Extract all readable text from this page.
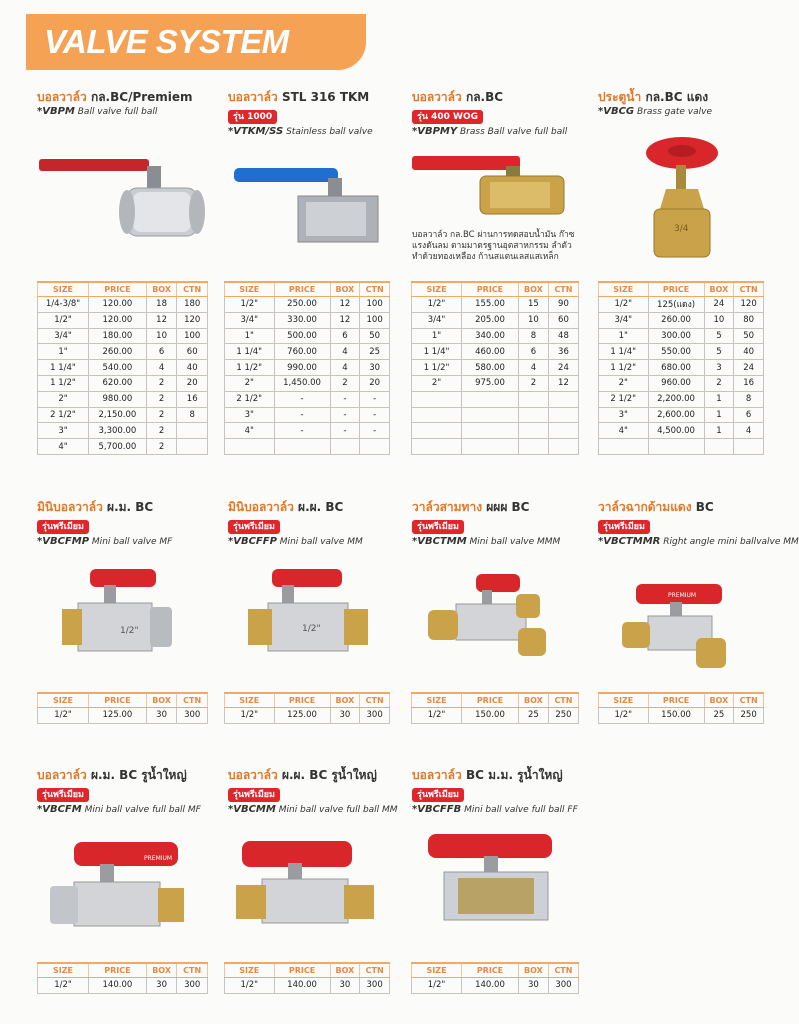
VALVE SYSTEM
บอลวาล์ว กล.BC/Premiem
*VBPM Ball valve full ball
บอลวาล์ว STL 316 TKM
รุ่น 1000
*VTKM/SS Stainless ball valve
บอลวาล์ว กล.BC
รุ่น 400 WOG
*VBPMY Brass Ball valve full ball
บอลวาล์ว กล.BC ผ่านการทดสอบน้ำมัน ก๊าซ แรงดันลม ตามมาตรฐานอุตสาหกรรม ลำตัวทำด้วยทองเหลือง ก้านสแตนเลสแสเหล็ก
ประตูน้ำ กล.BC แดง
*VBCG Brass gate valve
3/4
SIZE	PRICE	BOX	CTN
1/4-3/8"	120.00	18	180
1/2"	120.00	12	120
3/4"	180.00	10	100
1"	260.00	6	60
1 1/4"	540.00	4	40
1 1/2"	620.00	2	20
2"	980.00	2	16
2 1/2"	2,150.00	2	8
3"	3,300.00	2	
4"	5,700.00	2	
SIZE	PRICE	BOX	CTN
1/2"	250.00	12	100
3/4"	330.00	12	100
1"	500.00	6	50
1 1/4"	760.00	4	25
1 1/2"	990.00	4	30
2"	1,450.00	2	20
2 1/2"	-	-	-
3"	-	-	-
4"	-	-	-

SIZE	PRICE	BOX	CTN
1/2"	155.00	15	90
3/4"	205.00	10	60
1"	340.00	8	48
1 1/4"	460.00	6	36
1 1/2"	580.00	4	24
2"	975.00	2	12

SIZE	PRICE	BOX	CTN
1/2"	125(แดง)	24	120
3/4"	260.00	10	80
1"	300.00	5	50
1 1/4"	550.00	5	40
1 1/2"	680.00	3	24
2"	960.00	2	16
2 1/2"	2,200.00	1	8
3"	2,600.00	1	6
4"	4,500.00	1	4

มินิบอลวาล์ว ผ.ม. BC
รุ่นพรีเมียม
*VBCFMP Mini ball valve MF
1/2"
มินิบอลวาล์ว ผ.ผ. BC
รุ่นพรีเมียม
*VBCFFP Mini ball valve MM
1/2"
วาล์วสามทาง ผผผ BC
รุ่นพรีเมียม
*VBCTMM Mini ball valve MMM
วาล์วฉากด้ามแดง BC
รุ่นพรีเมียม
*VBCTMMR Right angle mini ballvalve MM
PREMIUM
SIZE	PRICE	BOX	CTN
1/2"	125.00	30	300
SIZE	PRICE	BOX	CTN
1/2"	125.00	30	300
SIZE	PRICE	BOX	CTN
1/2"	150.00	25	250
SIZE	PRICE	BOX	CTN
1/2"	150.00	25	250
บอลวาล์ว ผ.ม. BC รูน้ำใหญ่
รุ่นพรีเมียม
*VBCFM Mini ball valve full ball MF
PREMIUM
บอลวาล์ว ผ.ผ. BC รูน้ำใหญ่
รุ่นพรีเมียม
*VBCMM Mini ball valve full ball MM
บอลวาล์ว BC ม.ม. รูน้ำใหญ่
รุ่นพรีเมียม
*VBCFFB Mini ball valve full ball FF
SIZE	PRICE	BOX	CTN
1/2"	140.00	30	300
SIZE	PRICE	BOX	CTN
1/2"	140.00	30	300
SIZE	PRICE	BOX	CTN
1/2"	140.00	30	300
